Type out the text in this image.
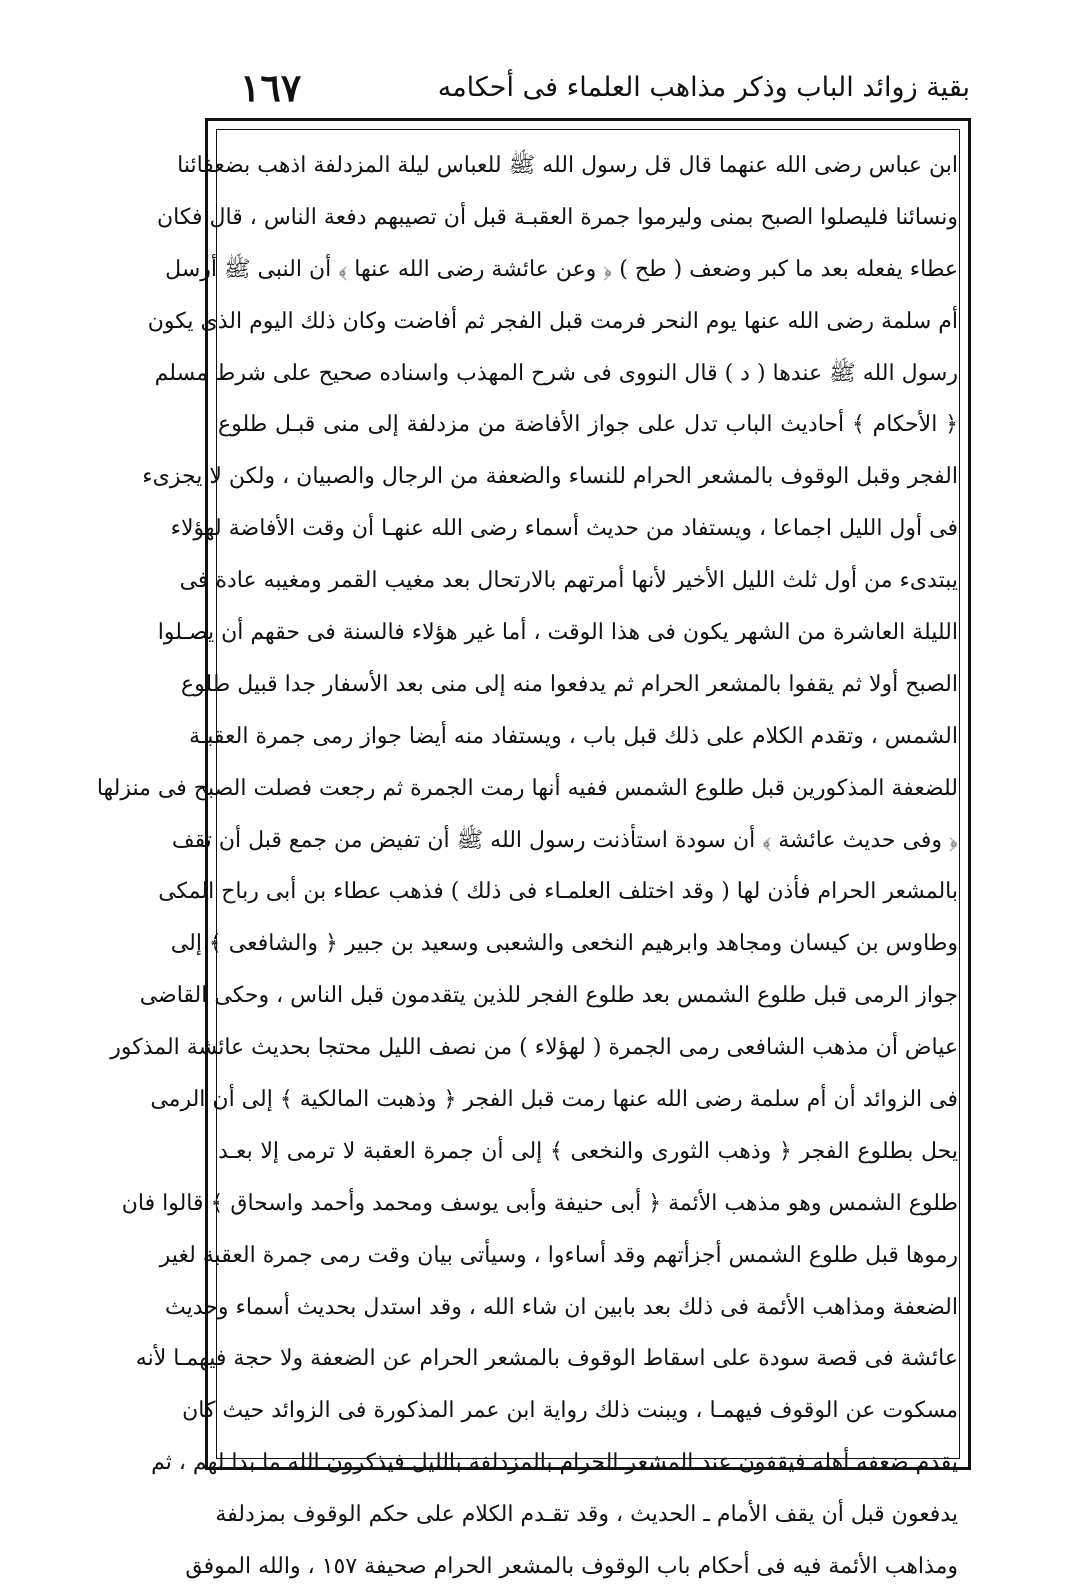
١٦٧	بقية زوائد الباب وذكر مذاهب العلماء فى أحكامه
ابن عباس رضى الله عنهما قال قل رسول الله ﷺ للعباس ليلة المزدلفة اذهب بضعفائنا
ونسائنا فليصلوا الصبح بمنى وليرموا جمرة العقبـة قبل أن تصيبهم دفعة الناس ، قال فكان
عطاء يفعله بعد ما كبر وضعف ( طح ) ﴿ وعن عائشة رضى الله عنها ﴾ أن النبى ﷺ أرسل
أم سلمة رضى الله عنها يوم النحر فرمت قبل الفجر ثم أفاضت وكان ذلك اليوم الذى يكون
رسول الله ﷺ عندها ( د ) قال النووى فى شرح المهذب واسناده صحيح على شرط مسلم
﴿ الأحكام ﴾ أحاديث الباب تدل على جواز الأفاضة من مزدلفة إلى منى قبـل طلوع
الفجر وقبل الوقوف بالمشعر الحرام للنساء والضعفة من الرجال والصبيان ، ولكن لا يجزىء
فى أول الليل اجماعا ، ويستفاد من حديث أسماء رضى الله عنهـا أن وقت الأفاضة لهؤلاء
يبتدىء من أول ثلث الليل الأخير لأنها أمرتهم بالارتحال بعد مغيب القمر ومغيبه عادة فى
الليلة العاشرة من الشهر يكون فى هذا الوقت ، أما غير هؤلاء فالسنة فى حقهم أن يصـلوا
الصبح أولا ثم يقفوا بالمشعر الحرام ثم يدفعوا منه إلى منى بعد الأسفار جدا قبيل طلوع
الشمس ، وتقدم الكلام على ذلك قبل باب ، ويستفاد منه أيضا جواز رمى جمرة العقبـة
للضعفة المذكورين قبل طلوع الشمس ففيه أنها رمت الجمرة ثم رجعت فصلت الصبح فى منزلها
﴿ وفى حديث عائشة ﴾ أن سودة استأذنت رسول الله ﷺ أن تفيض من جمع قبل أن تقف
بالمشعر الحرام فأذن لها ( وقد اختلف العلمـاء فى ذلك ) فذهب عطاء بن أبى رباح المكى
وطاوس بن كيسان ومجاهد وابرهيم النخعى والشعبى وسعيد بن جبير ﴿ والشافعى ﴾ إلى
جواز الرمى قبل طلوع الشمس بعد طلوع الفجر للذين يتقدمون قبل الناس ، وحكى القاضى
عياض أن مذهب الشافعى رمى الجمرة ( لهؤلاء ) من نصف الليل محتجا بحديث عائشة المذكور
فى الزوائد أن أم سلمة رضى الله عنها رمت قبل الفجر ﴿ وذهبت المالكية ﴾ إلى أن الرمى
يحل بطلوع الفجر ﴿ وذهب الثورى والنخعى ﴾ إلى أن جمرة العقبة لا ترمى إلا بعـد
طلوع الشمس وهو مذهب الأئمة ﴿ أبى حنيفة وأبى يوسف ومحمد وأحمد واسحاق ﴾ قالوا فان
رموها قبل طلوع الشمس أجزأتهم وقد أساءوا ، وسيأتى بيان وقت رمى جمرة العقبة لغير
الضعفة ومذاهب الأئمة فى ذلك بعد بابين ان شاء الله ، وقد استدل بحديث أسماء وحديث
عائشة فى قصة سودة على اسقاط الوقوف بالمشعر الحرام عن الضعفة ولا حجة فيهمـا لأنه
مسكوت عن الوقوف فيهمـا ، ويبنت ذلك رواية ابن عمر المذكورة فى الزوائد حيث كان
يقدم ضعفه أهله فيقفون عند المشعر الحرام بالمزدلفة بالليل فيذكرون الله ما بدا لهم ، ثم
يدفعون قبل أن يقف الأمام ـ الحديث ، وقد تقـدم الكلام على حكم الوقوف بمزدلفة
ومذاهب الأئمة فيه فى أحكام باب الوقوف بالمشعر الحرام صحيفة ١٥٧ ، والله الموفق
